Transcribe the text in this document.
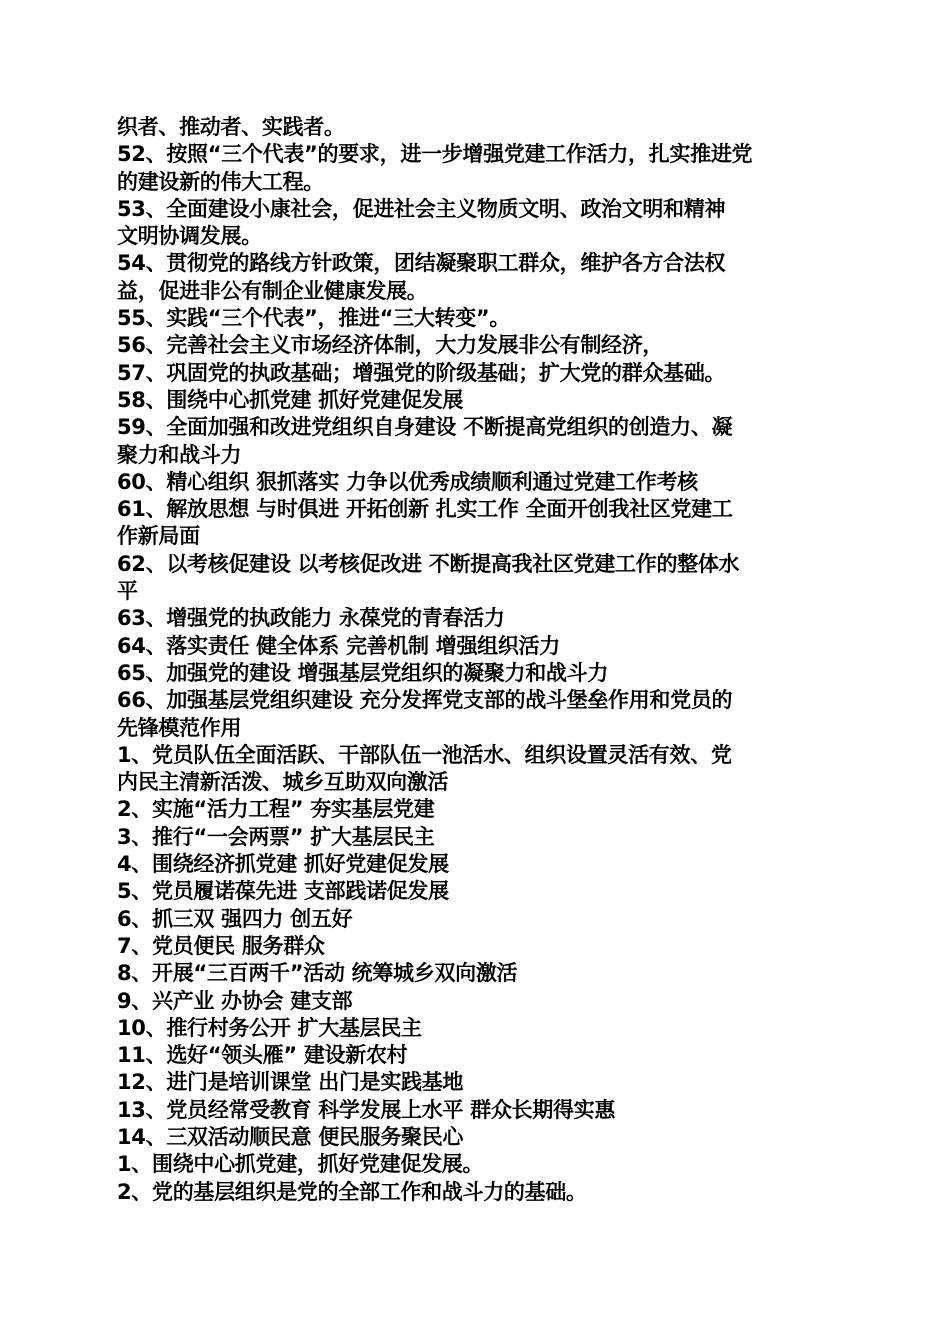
织者、推动者、实践者。
52、按照“三个代表”的要求，进一步增强党建工作活力，扎实推进党
的建设新的伟大工程。
53、全面建设小康社会，促进社会主义物质文明、政治文明和精神
文明协调发展。
54、贯彻党的路线方针政策，团结凝聚职工群众，维护各方合法权
益，促进非公有制企业健康发展。
55、实践“三个代表”，推进“三大转变”。
56、完善社会主义市场经济体制，大力发展非公有制经济，
57、巩固党的执政基础；增强党的阶级基础；扩大党的群众基础。
58、围绕中心抓党建 抓好党建促发展
59、全面加强和改进党组织自身建设 不断提高党组织的创造力、凝
聚力和战斗力
60、精心组织 狠抓落实 力争以优秀成绩顺利通过党建工作考核
61、解放思想 与时俱进 开拓创新 扎实工作 全面开创我社区党建工
作新局面
62、以考核促建设 以考核促改进 不断提高我社区党建工作的整体水
平
63、增强党的执政能力 永葆党的青春活力
64、落实责任 健全体系 完善机制 增强组织活力
65、加强党的建设 增强基层党组织的凝聚力和战斗力
66、加强基层党组织建设 充分发挥党支部的战斗堡垒作用和党员的
先锋模范作用
1、党员队伍全面活跃、干部队伍一池活水、组织设置灵活有效、党
内民主清新活泼、城乡互助双向激活
2、实施“活力工程” 夯实基层党建
3、推行“一会两票” 扩大基层民主
4、围绕经济抓党建 抓好党建促发展
5、党员履诺葆先进 支部践诺促发展
6、抓三双 强四力 创五好
7、党员便民 服务群众
8、开展“三百两千”活动 统筹城乡双向激活
9、兴产业 办协会 建支部
10、推行村务公开 扩大基层民主
11、选好“领头雁” 建设新农村
12、进门是培训课堂 出门是实践基地
13、党员经常受教育 科学发展上水平 群众长期得实惠
14、三双活动顺民意 便民服务聚民心
1、围绕中心抓党建，抓好党建促发展。
2、党的基层组织是党的全部工作和战斗力的基础。
